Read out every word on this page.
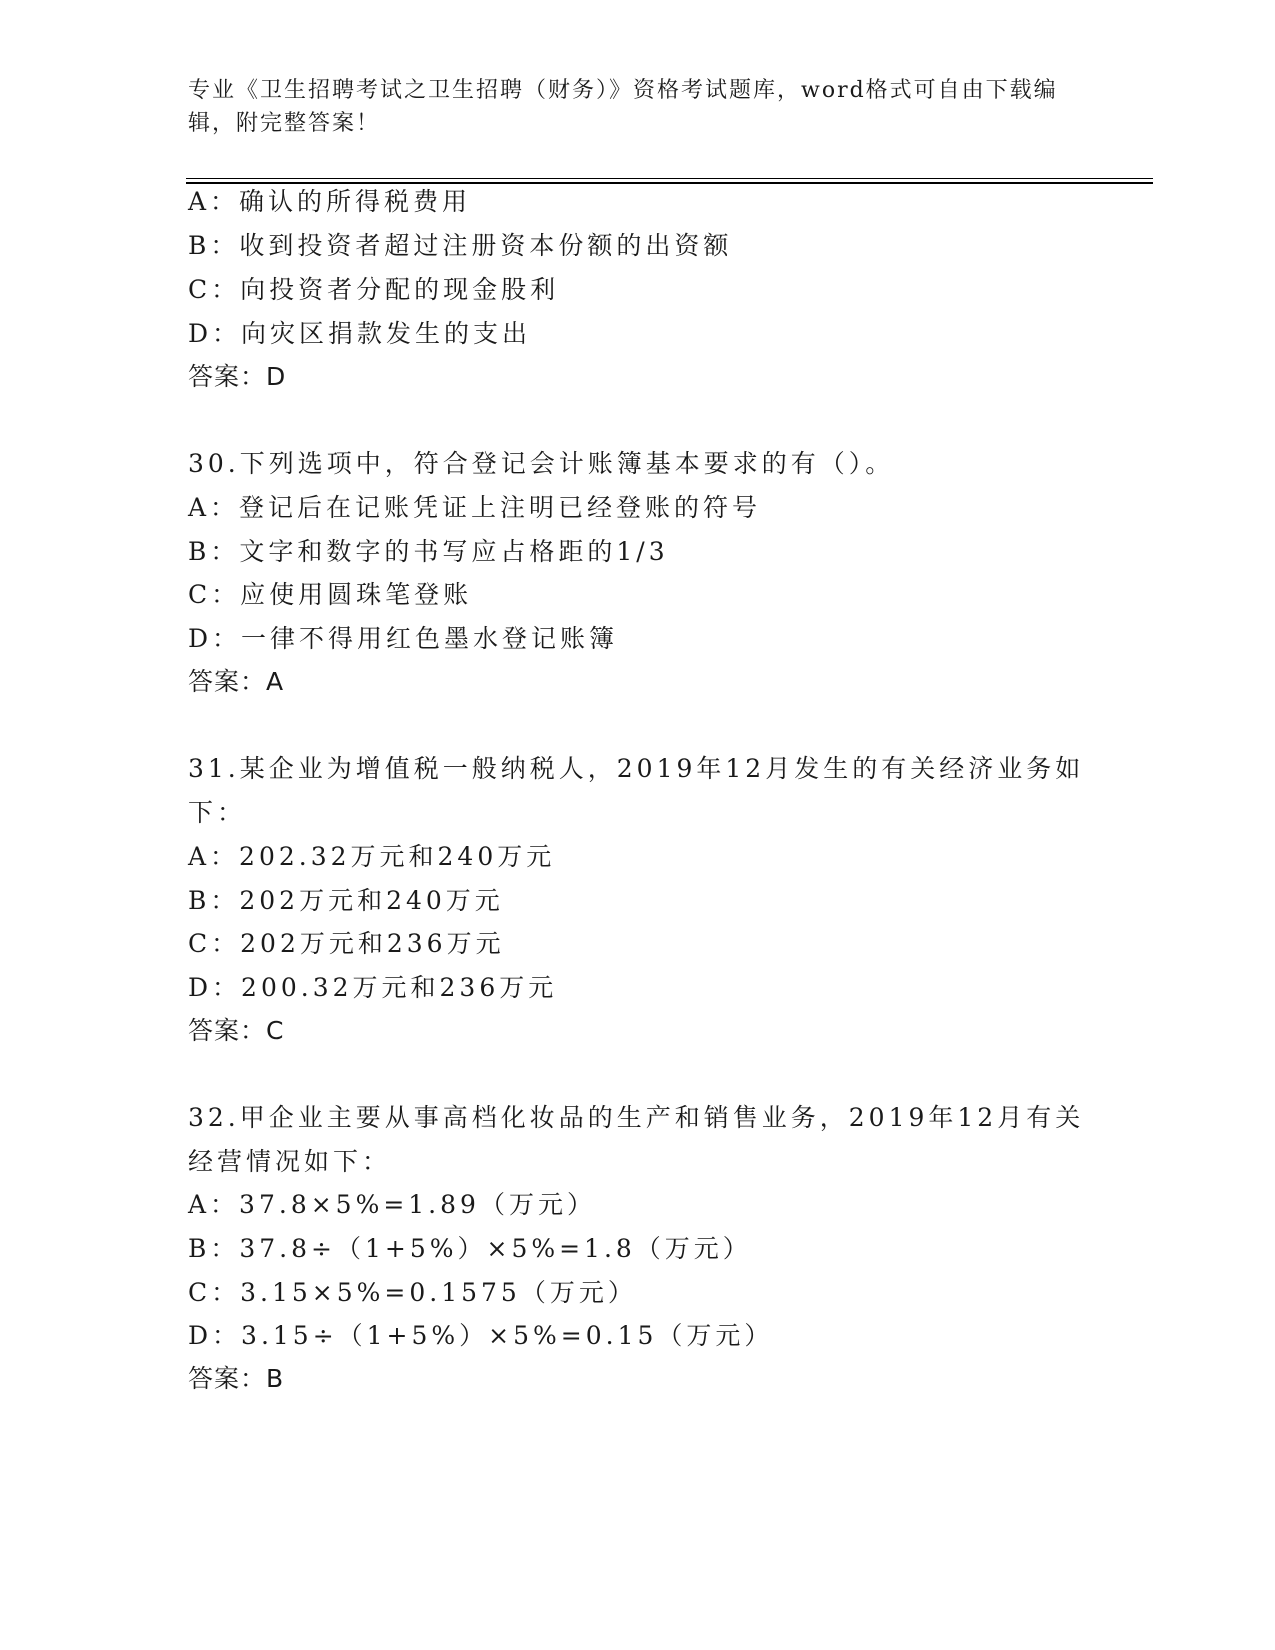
专业《卫生招聘考试之卫生招聘（财务）》资格考试题库，word格式可自由下载编辑，附完整答案！
A：确认的所得税费用
B：收到投资者超过注册资本份额的出资额
C：向投资者分配的现金股利
D：向灾区捐款发生的支出
答案：D
30.下列选项中，符合登记会计账簿基本要求的有（）。
A：登记后在记账凭证上注明已经登账的符号
B：文字和数字的书写应占格距的1/3
C：应使用圆珠笔登账
D：一律不得用红色墨水登记账簿
答案：A
31.某企业为增值税一般纳税人，2019年12月发生的有关经济业务如
下：
A：202.32万元和240万元
B：202万元和240万元
C：202万元和236万元
D：200.32万元和236万元
答案：C
32.甲企业主要从事高档化妆品的生产和销售业务，2019年12月有关
经营情况如下：
A：37.8×5%=1.89（万元）
B：37.8÷（1+5%）×5%=1.8（万元）
C：3.15×5%=0.1575（万元）
D：3.15÷（1+5%）×5%=0.15（万元）
答案：B
